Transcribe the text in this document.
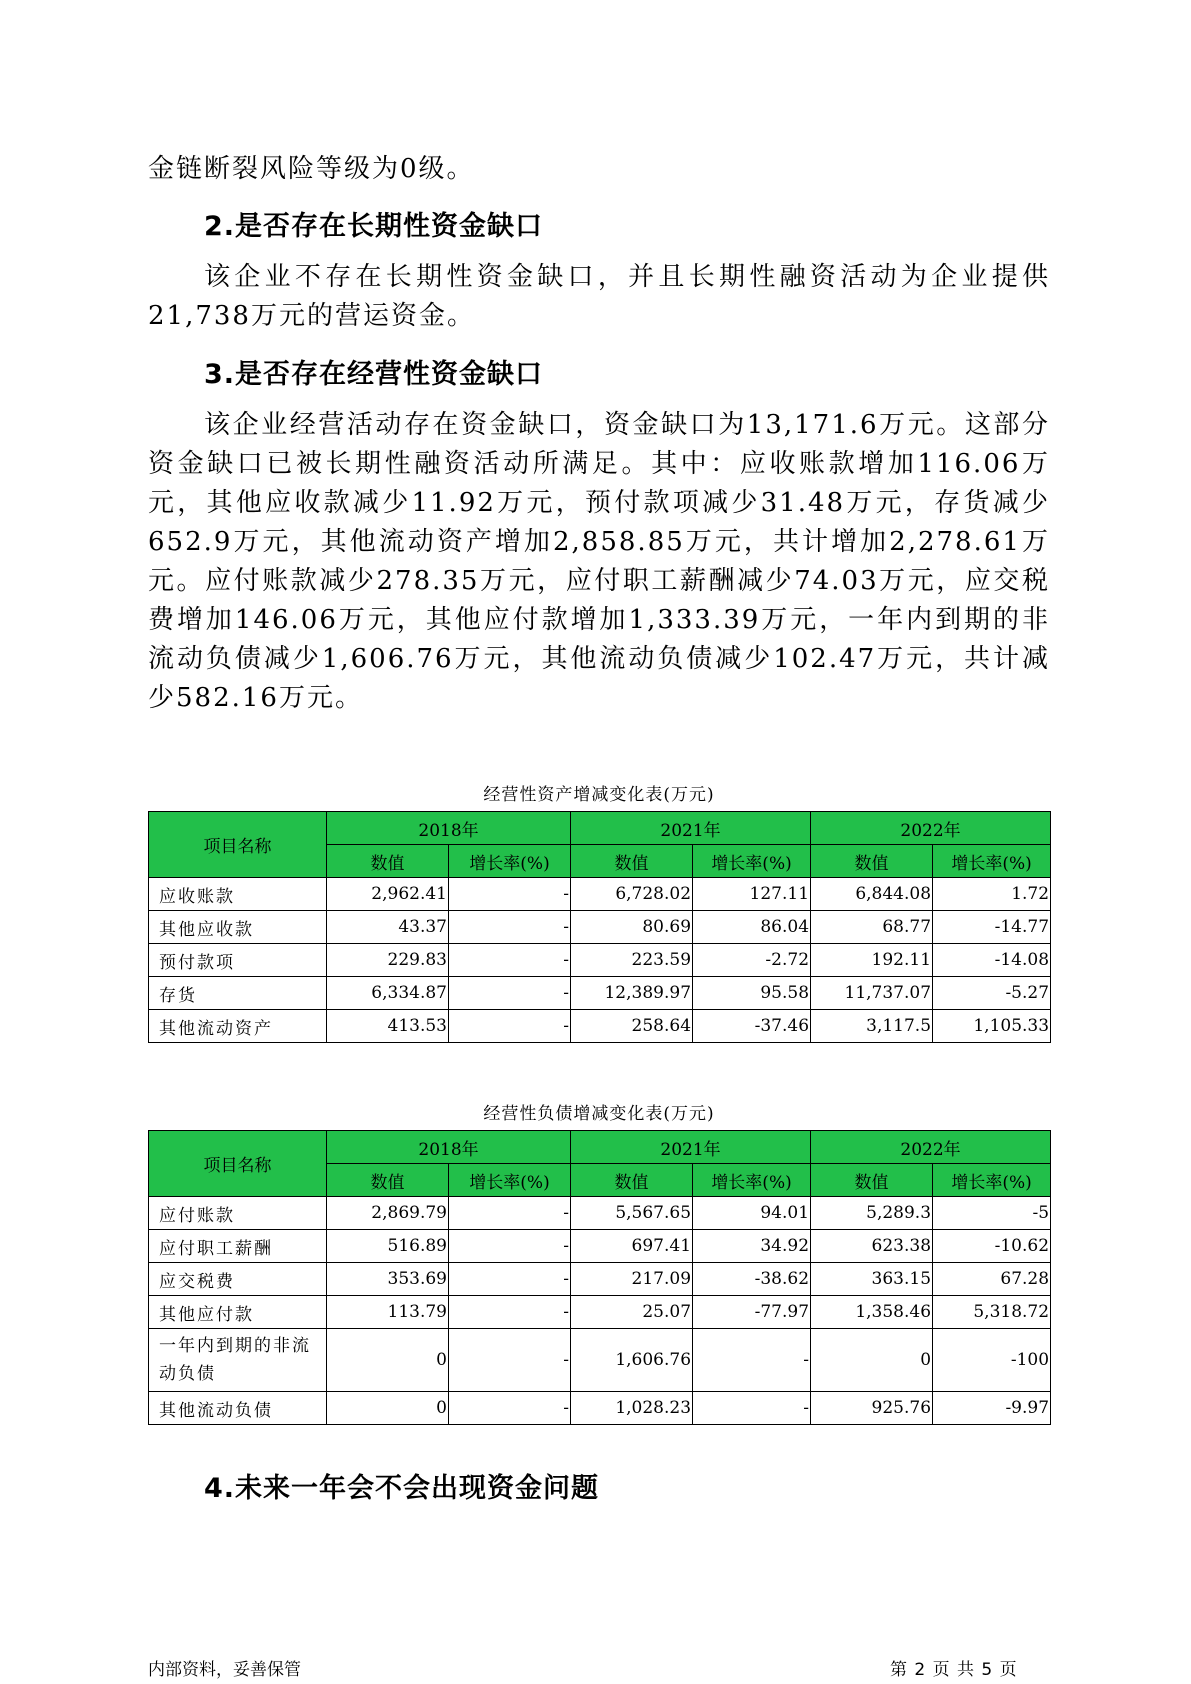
金链断裂风险等级为0级。

2.是否存在长期性资金缺口

该企业不存在长期性资金缺口，并且长期性融资活动为企业提供21,738万元的营运资金。

3.是否存在经营性资金缺口

该企业经营活动存在资金缺口，资金缺口为13,171.6万元。这部分资金缺口已被长期性融资活动所满足。其中：应收账款增加116.06万元，其他应收款减少11.92万元，预付款项减少31.48万元，存货减少652.9万元，其他流动资产增加2,858.85万元，共计增加2,278.61万元。应付账款减少278.35万元，应付职工薪酬减少74.03万元，应交税费增加146.06万元，其他应付款增加1,333.39万元，一年内到期的非流动负债减少1,606.76万元，其他流动负债减少102.47万元，共计减少582.16万元。

经营性资产增减变化表(万元)

项目名称	2018年		2021年		2022年	
	数值	增长率(%)	数值	增长率(%)	数值	增长率(%)
应收账款	2,962.41	-	6,728.02	127.11	6,844.08	1.72
其他应收款	43.37	-	80.69	86.04	68.77	-14.77
预付款项	229.83	-	223.59	-2.72	192.11	-14.08
存货	6,334.87	-	12,389.97	95.58	11,737.07	-5.27
其他流动资产	413.53	-	258.64	-37.46	3,117.5	1,105.33

经营性负债增减变化表(万元)

项目名称	2018年		2021年		2022年	
	数值	增长率(%)	数值	增长率(%)	数值	增长率(%)
应付账款	2,869.79	-	5,567.65	94.01	5,289.3	-5
应付职工薪酬	516.89	-	697.41	34.92	623.38	-10.62
应交税费	353.69	-	217.09	-38.62	363.15	67.28
其他应付款	113.79	-	25.07	-77.97	1,358.46	5,318.72
一年内到期的非流动负债	0	-	1,606.76	-	0	-100
其他流动负债	0	-	1,028.23	-	925.76	-9.97
4.未来一年会不会出现资金问题
内部资料，妥善保管	第 2 页 共 5 页
